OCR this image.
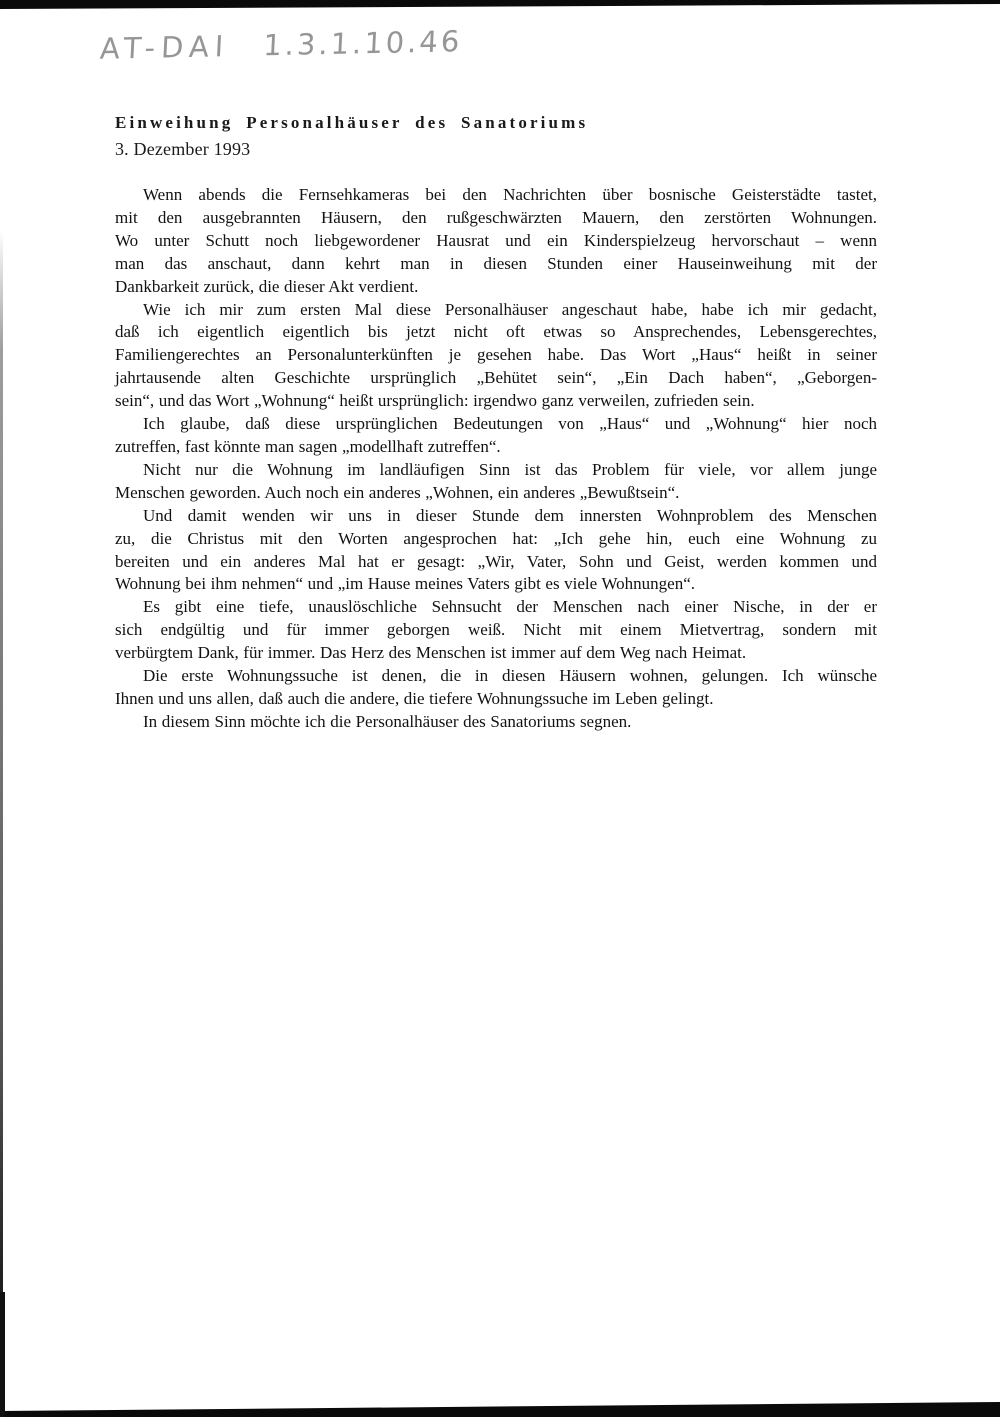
AT-DAI 1.3.1.10.46
Einweihung Personalhäuser des Sanatoriums
3. Dezember 1993
Wenn abends die Fernsehkameras bei den Nachrichten über bosnische Geisterstädte tastet,
mit den ausgebrannten Häusern, den rußgeschwärzten Mauern, den zerstörten Wohnungen.
Wo unter Schutt noch liebgewordener Hausrat und ein Kinderspielzeug hervorschaut – wenn
man das anschaut, dann kehrt man in diesen Stunden einer Hauseinweihung mit der
Dankbarkeit zurück, die dieser Akt verdient.
Wie ich mir zum ersten Mal diese Personalhäuser angeschaut habe, habe ich mir gedacht,
daß ich eigentlich eigentlich bis jetzt nicht oft etwas so Ansprechendes, Lebensgerechtes,
Familiengerechtes an Personalunterkünften je gesehen habe. Das Wort „Haus“ heißt in seiner
jahrtausende alten Geschichte ursprünglich „Behütet sein“, „Ein Dach haben“, „Geborgen-
sein“, und das Wort „Wohnung“ heißt ursprünglich: irgendwo ganz verweilen, zufrieden sein.
Ich glaube, daß diese ursprünglichen Bedeutungen von „Haus“ und „Wohnung“ hier noch
zutreffen, fast könnte man sagen „modellhaft zutreffen“.
Nicht nur die Wohnung im landläufigen Sinn ist das Problem für viele, vor allem junge
Menschen geworden. Auch noch ein anderes „Wohnen, ein anderes „Bewußtsein“.
Und damit wenden wir uns in dieser Stunde dem innersten Wohnproblem des Menschen
zu, die Christus mit den Worten angesprochen hat: „Ich gehe hin, euch eine Wohnung zu
bereiten und ein anderes Mal hat er gesagt: „Wir, Vater, Sohn und Geist, werden kommen und
Wohnung bei ihm nehmen“ und „im Hause meines Vaters gibt es viele Wohnungen“.
Es gibt eine tiefe, unauslöschliche Sehnsucht der Menschen nach einer Nische, in der er
sich endgültig und für immer geborgen weiß. Nicht mit einem Mietvertrag, sondern mit
verbürgtem Dank, für immer. Das Herz des Menschen ist immer auf dem Weg nach Heimat.
Die erste Wohnungssuche ist denen, die in diesen Häusern wohnen, gelungen. Ich wünsche
Ihnen und uns allen, daß auch die andere, die tiefere Wohnungssuche im Leben gelingt.
In diesem Sinn möchte ich die Personalhäuser des Sanatoriums segnen.
